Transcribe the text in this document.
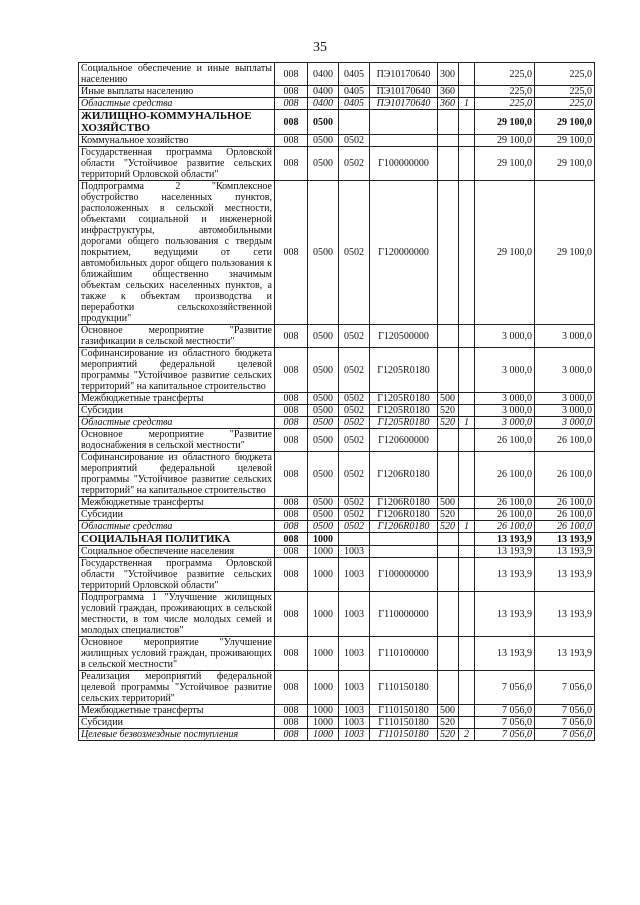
35
Социальное обеспечение и иные выплаты населению	008	0400	0405	ПЭ10170640	300		225,0	225,0
Иные выплаты населению	008	0400	0405	ПЭ10170640	360		225,0	225,0
Областные средства	008	0400	0405	ПЭ10170640	360	1	225,0	225,0
ЖИЛИЩНО-КОММУНАЛЬНОЕ ХОЗЯЙСТВО	008	0500					29 100,0	29 100,0
Коммунальное хозяйство	008	0500	0502				29 100,0	29 100,0
Государственная программа Орловской области "Устойчивое развитие сельских территорий Орловской области"	008	0500	0502	Г100000000			29 100,0	29 100,0
Подпрограмма 2 "Комплексное обустройство населенных пунктов, расположенных в сельской местности, объектами социальной и инженерной инфраструктуры, автомобильными дорогами общего пользования с твердым покрытием, ведущими от сети автомобильных дорог общего пользования к ближайшим общественно значимым объектам сельских населенных пунктов, а также к объектам производства и переработки сельскохозяйственной продукции"	008	0500	0502	Г120000000			29 100,0	29 100,0
Основное мероприятие "Развитие газификации в сельской местности"	008	0500	0502	Г120500000			3 000,0	3 000,0
Софинансирование из областного бюджета мероприятий федеральной целевой программы "Устойчивое развитие сельских территорий" на капитальное строительство	008	0500	0502	Г1205R0180			3 000,0	3 000,0
Межбюджетные трансферты	008	0500	0502	Г1205R0180	500		3 000,0	3 000,0
Субсидии	008	0500	0502	Г1205R0180	520		3 000,0	3 000,0
Областные средства	008	0500	0502	Г1205R0180	520	1	3 000,0	3 000,0
Основное мероприятие "Развитие водоснабжения в сельской местности"	008	0500	0502	Г120600000			26 100,0	26 100,0
Софинансирование из областного бюджета мероприятий федеральной целевой программы "Устойчивое развитие сельских территорий" на капитальное строительство	008	0500	0502	Г1206R0180			26 100,0	26 100,0
Межбюджетные трансферты	008	0500	0502	Г1206R0180	500		26 100,0	26 100,0
Субсидии	008	0500	0502	Г1206R0180	520		26 100,0	26 100,0
Областные средства	008	0500	0502	Г1206R0180	520	1	26 100,0	26 100,0
СОЦИАЛЬНАЯ ПОЛИТИКА	008	1000					13 193,9	13 193,9
Социальное обеспечение населения	008	1000	1003				13 193,9	13 193,9
Государственная программа Орловской области "Устойчивое развитие сельских территорий Орловской области"	008	1000	1003	Г100000000			13 193,9	13 193,9
Подпрограмма 1 "Улучшение жилищных условий граждан, проживающих в сельской местности, в том числе молодых семей и молодых специалистов"	008	1000	1003	Г110000000			13 193,9	13 193,9
Основное мероприятие "Улучшение жилищных условий граждан, проживающих в сельской местности"	008	1000	1003	Г110100000			13 193,9	13 193,9
Реализация мероприятий федеральной целевой программы "Устойчивое развитие сельских территорий"	008	1000	1003	Г110150180			7 056,0	7 056,0
Межбюджетные трансферты	008	1000	1003	Г110150180	500		7 056,0	7 056,0
Субсидии	008	1000	1003	Г110150180	520		7 056,0	7 056,0
Целевые безвозмездные поступления	008	1000	1003	Г110150180	520	2	7 056,0	7 056,0
